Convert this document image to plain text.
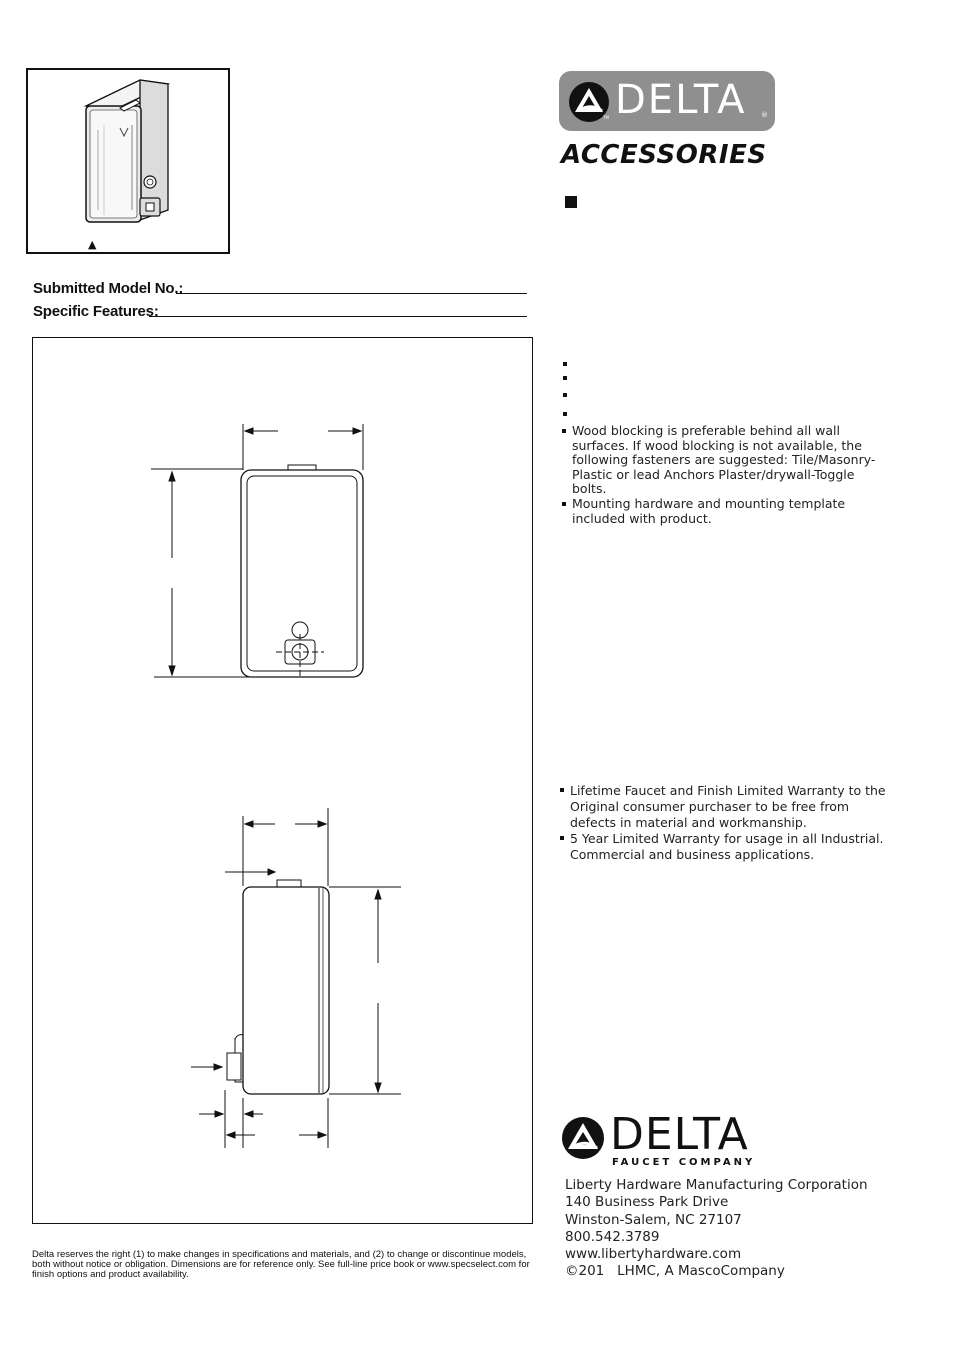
▲
Submitted Model No.:
Specific Features:
TM DELTA ®
ACCESSORIES
Wood blocking is preferable behind all wall surfaces. If wood blocking is not available, the following fasteners are suggested: Tile/Masonry-Plastic or lead Anchors Plaster/drywall-Toggle bolts.
Mounting hardware and mounting template included with product.
Lifetime Faucet and Finish Limited Warranty to the Original consumer purchaser to be free from defects in material and workmanship.
5 Year Limited Warranty for usage in all Industrial. Commercial and business applications.
Delta reserves the right (1) to make changes in specifications and materials, and (2) to change or discontinue models, both without notice or obligation. Dimensions are for reference only. See full-line price book or www.specselect.com for finish options and product availability.
DELTA
FAUCET COMPANY
Liberty Hardware Manufacturing Corporation
140 Business Park Drive
Winston-Salem, NC 27107
800.542.3789
www.libertyhardware.com
©201   LHMC, A MascoCompany
